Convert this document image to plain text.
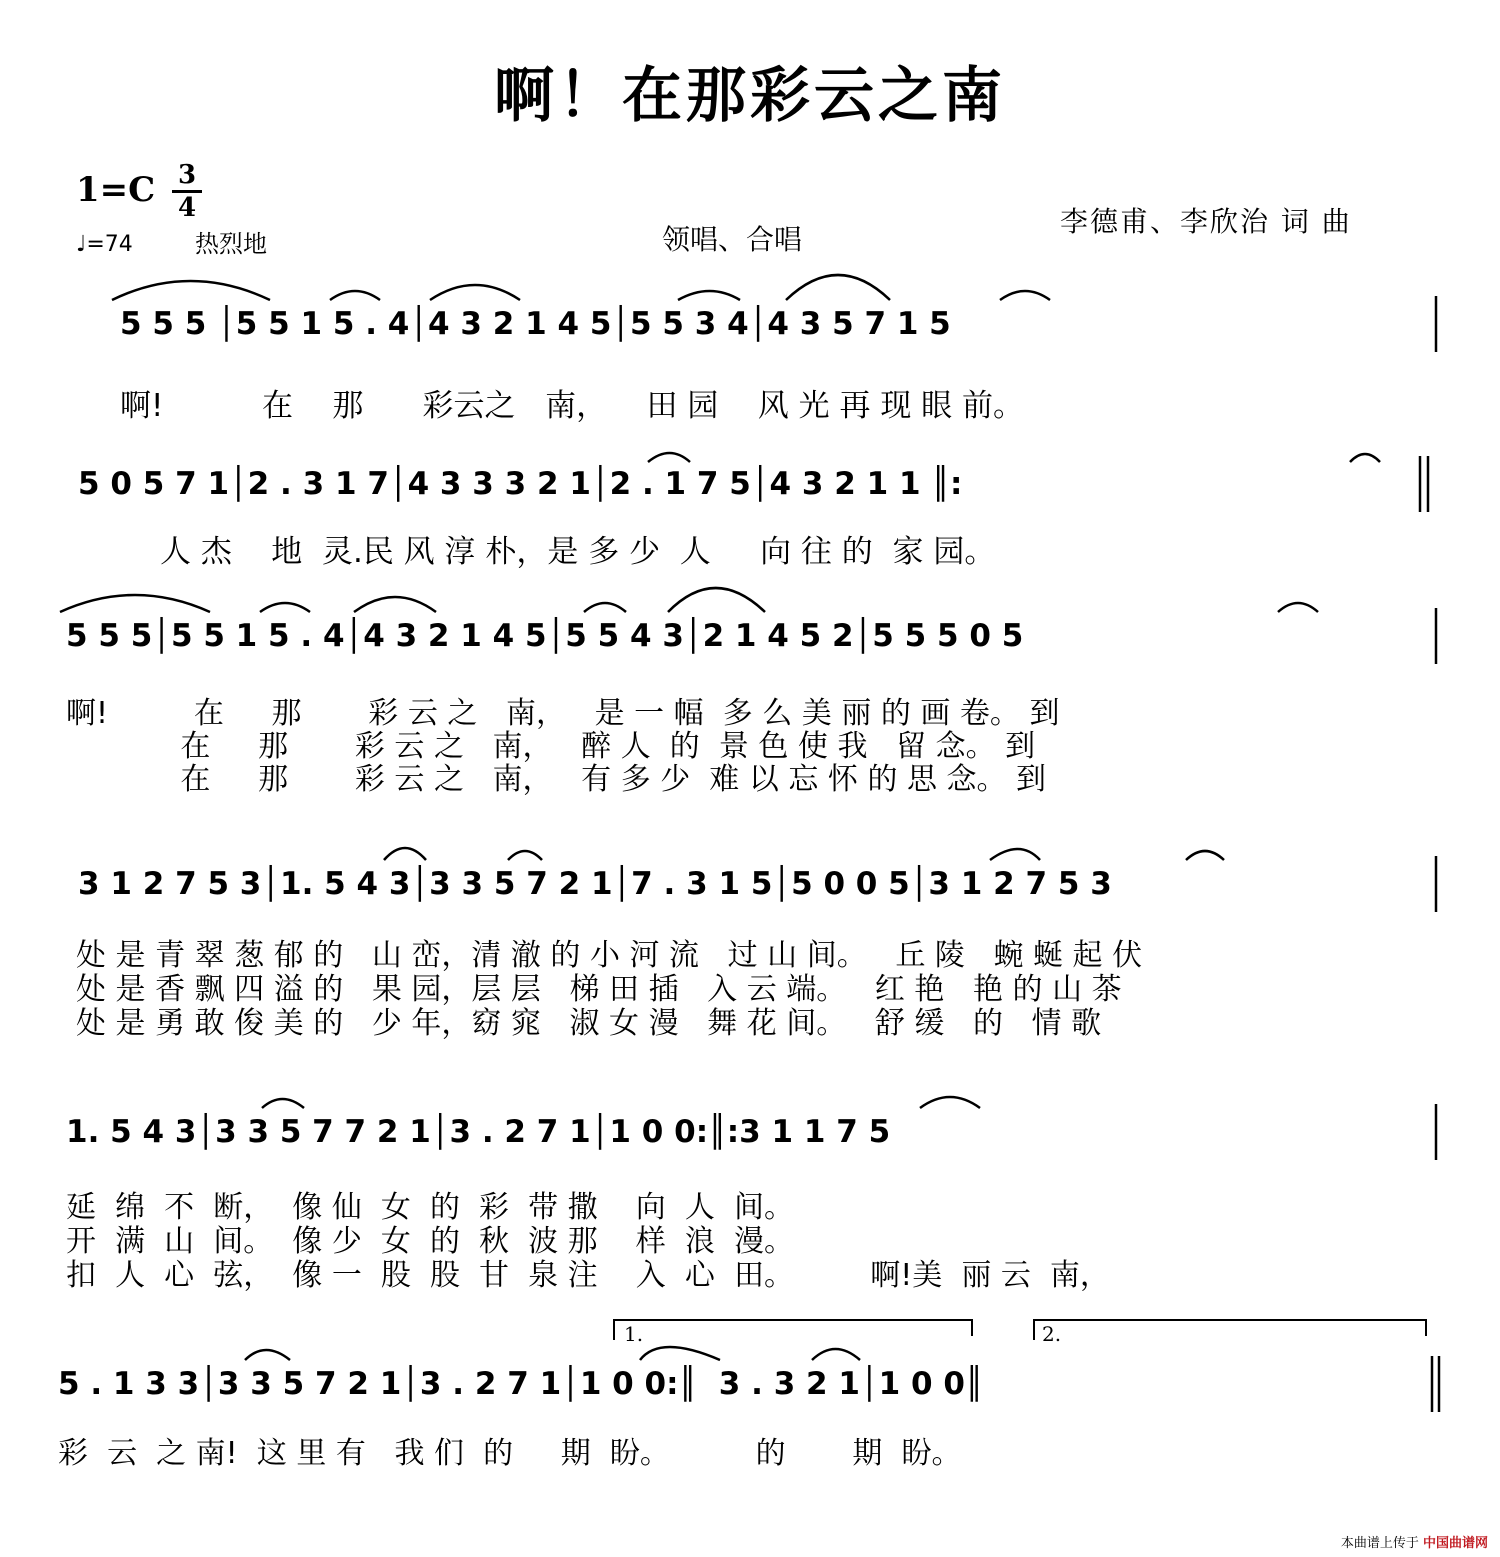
啊！在那彩云之南
1=C 3
4
♩=74	热烈地	领唱、合唱
李德甫、李欣治 词 曲
5 5 5 │5 5 1 5 . 4│4 3 2 1 4 5│5 5 3 4│4 3 5 7 1 5
啊!          在    那      彩云之   南，    田 园    风 光 再 现 眼 前。
5 0 5 7 1│2 . 3 1 7│4 3 3 3 2 1│2 . 1 7 5│4 3 2 1 1 ║:
人 杰    地  灵.民 风 淳 朴，是 多 少  人     向 往 的  家 园。
5 5 5│5 5 1 5 . 4│4 3 2 1 4 5│5 5 4 3│2 1 4 5 2│5 5 5 0 5
啊!         在     那       彩 云 之   南，   是 一 幅  多 么 美 丽 的 画 卷。 到
在     那       彩 云 之   南，   醉 人  的  景 色 使 我   留 念。 到
在     那       彩 云 之   南，   有 多 少  难 以 忘 怀 的 思 念。 到
3 1 2 7 5 3│1. 5 4 3│3 3 5 7 2 1│7 . 3 1 5│5 0 0 5│3 1 2 7 5 3
处 是 青 翠 葱 郁 的   山 峦，清 澈 的 小 河 流   过 山 间。   丘 陵   蜿 蜒 起 伏
处 是 香 飘 四 溢 的   果 园，层 层   梯 田 插   入 云 端。   红 艳   艳 的 山 茶
处 是 勇 敢 俊 美 的   少 年，窈 窕   淑 女 漫   舞 花 间。   舒 缓   的   情 歌
1. 5 4 3│3 3 5 7 7 2 1│3 . 2 7 1│1 0 0:║:3 1 1 7 5
延  绵  不  断，  像 仙  女  的  彩  带 撒    向  人  间。
开  满  山  间。  像 少  女  的  秋  波 那    样  浪  漫。
扣  人  心  弦，  像 一  股  股  甘  泉 注    入  心  田。        啊!美  丽 云  南，
1.	2.
5 . 1 3 3│3 3 5 7 2 1│3 . 2 7 1│1 0 0:║  3 . 3 2 1│1 0 0║
彩  云  之 南!  这 里 有   我 们  的     期  盼。         的       期  盼。
本曲谱上传于 中国曲谱网
